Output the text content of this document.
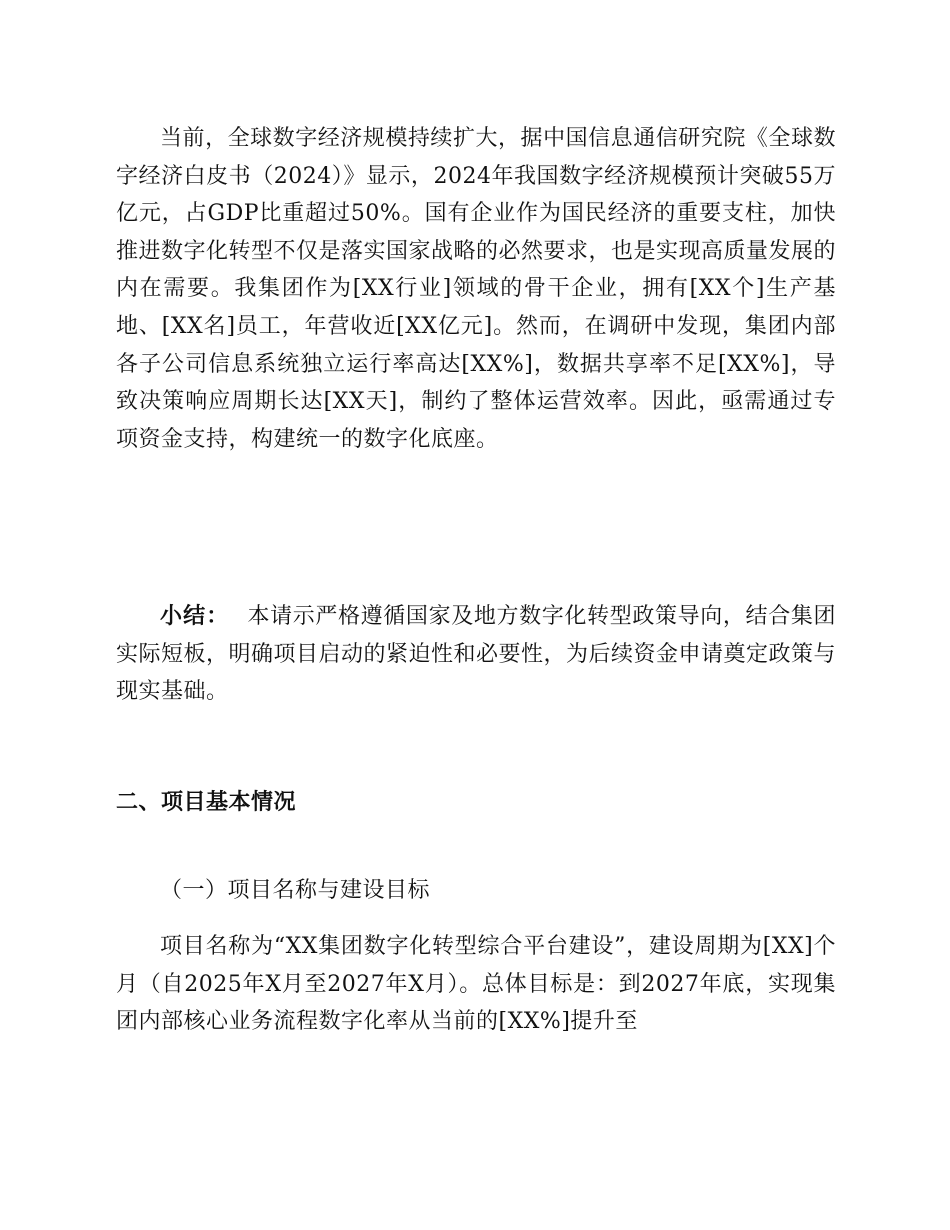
当前，全球数字经济规模持续扩大，据中国信息通信研究院《全球数字经济白皮书（2024）》显示，2024年我国数字经济规模预计突破55万亿元，占GDP比重超过50%。国有企业作为国民经济的重要支柱，加快推进数字化转型不仅是落实国家战略的必然要求，也是实现高质量发展的内在需要。我集团作为[XX行业]领域的骨干企业，拥有[XX个]生产基地、[XX名]员工，年营收近[XX亿元]。然而，在调研中发现，集团内部各子公司信息系统独立运行率高达[XX%]，数据共享率不足[XX%]，导致决策响应周期长达[XX天]，制约了整体运营效率。因此，亟需通过专项资金支持，构建统一的数字化底座。

小结： 本请示严格遵循国家及地方数字化转型政策导向，结合集团实际短板，明确项目启动的紧迫性和必要性，为后续资金申请奠定政策与现实基础。

二、项目基本情况
（一）项目名称与建设目标

项目名称为“XX集团数字化转型综合平台建设”，建设周期为[XX]个月（自2025年X月至2027年X月）。总体目标是：到2027年底，实现集团内部核心业务流程数字化率从当前的[XX%]提升至
